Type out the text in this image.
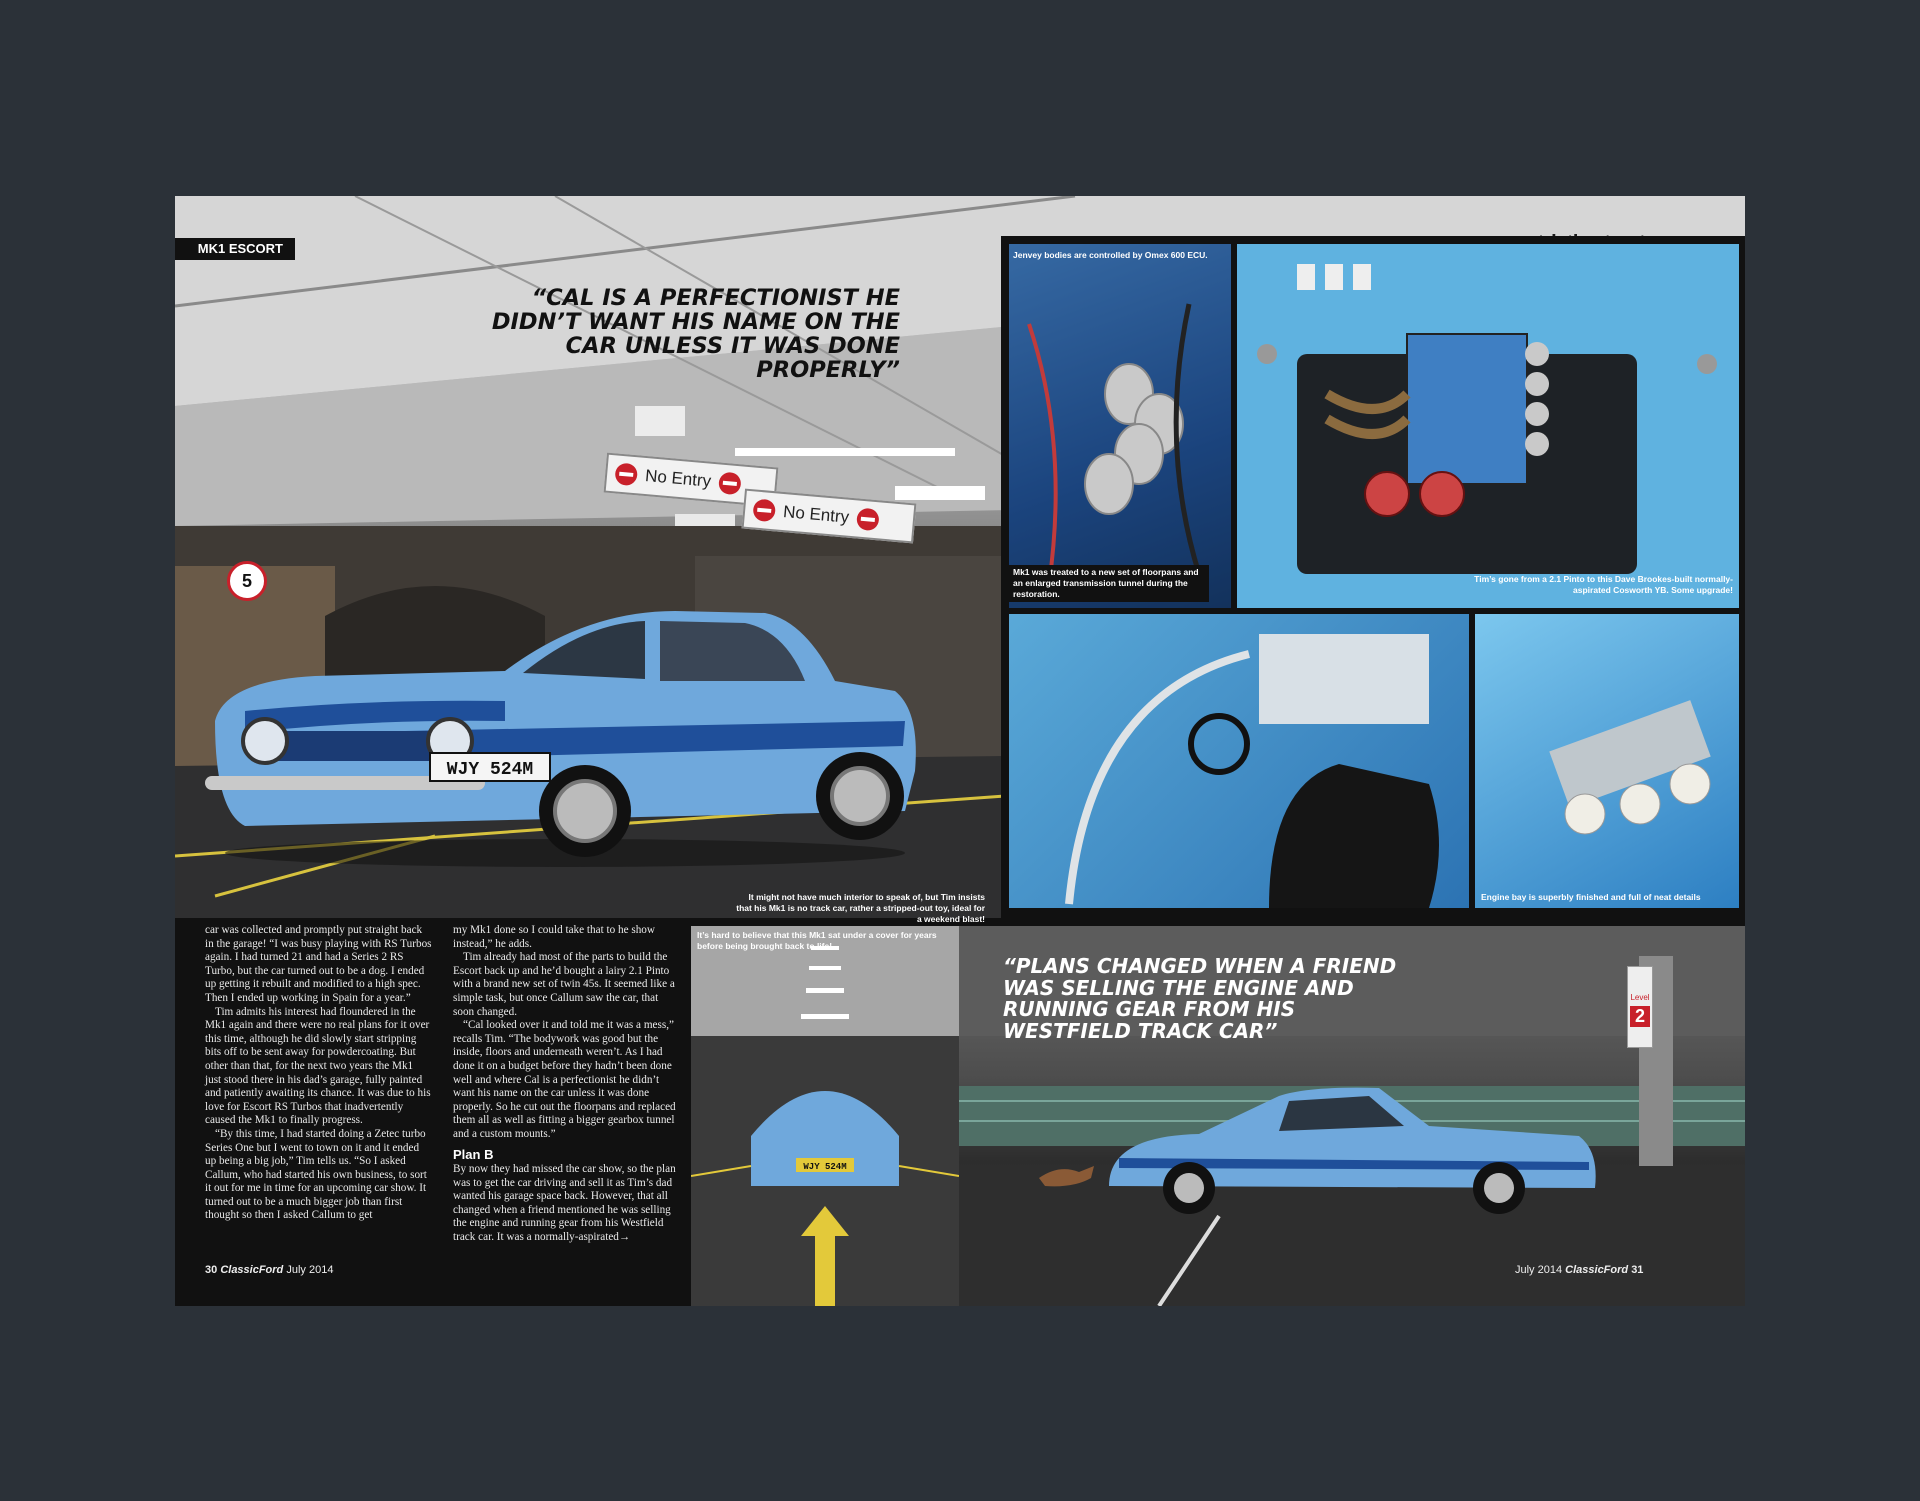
No Entry
No Entry
5
WJY 524M
MK1 ESCORT
“CAL IS A PERFECTIONIST HE DIDN’T WANT HIS NAME ON THE CAR UNLESS IT WAS DONE PROPERLY”
It might not have much interior to speak of, but Tim insists that his Mk1 is no track car, rather a stripped-out toy, ideal for a weekend blast!
Jenvey bodies are controlled by Omex 600 ECU.
Mk1 was treated to a new set of floorpans and an enlarged transmission tunnel during the restoration.
Tim’s gone from a 2.1 Pinto to this Dave Brookes-built normally-aspirated Cosworth YB. Some upgrade!
Engine bay is superbly finished and full of neat details

car was collected and promptly put straight back in the garage! “I was busy playing with RS Turbos again. I had turned 21 and had a Series 2 RS Turbo, but the car turned out to be a dog. I ended up getting it rebuilt and modified to a high spec. Then I ended up working in Spain for a year.”

Tim admits his interest had floundered in the Mk1 again and there were no real plans for it over this time, although he did slowly start stripping bits off to be sent away for powdercoating. But other than that, for the next two years the Mk1 just stood there in his dad’s garage, fully painted and patiently awaiting its chance. It was due to his love for Escort RS Turbos that inadvertently caused the Mk1 to finally progress.

“By this time, I had started doing a Zetec turbo Series One but I went to town on it and it ended up being a big job,” Tim tells us. “So I asked Callum, who had started his own business, to sort it out for me in time for an upcoming car show. It turned out to be a much bigger job than first thought so then I asked Callum to get

my Mk1 done so I could take that to he show instead,” he adds.

Tim already had most of the parts to build the Escort back up and he’d bought a lairy 2.1 Pinto with a brand new set of twin 45s. It seemed like a simple task, but once Callum saw the car, that soon changed.

“Cal looked over it and told me it was a mess,” recalls Tim. “The bodywork was good but the inside, floors and underneath weren’t. As I had done it on a budget before they hadn’t been done well and where Cal is a perfectionist he didn’t want his name on the car unless it was done properly. So he cut out the floorpans and replaced them all as well as fitting a bigger gearbox tunnel and a custom mounts.”

Plan B

By now they had missed the car show, so the plan was to get the car driving and sell it as Tim’s dad wanted his garage space back. However, that all changed when a friend mentioned he was selling the engine and running gear from his Westfield track car. It was a normally-aspirated→

30 ClassicFord July 2014
WJY 524M
It’s hard to believe that this Mk1 sat under a cover for years before being brought back to life!
Level
2
“PLANS CHANGED WHEN A FRIEND WAS SELLING THE ENGINE AND RUNNING GEAR FROM HIS WESTFIELD TRACK CAR”
July 2014 ClassicFord 31
